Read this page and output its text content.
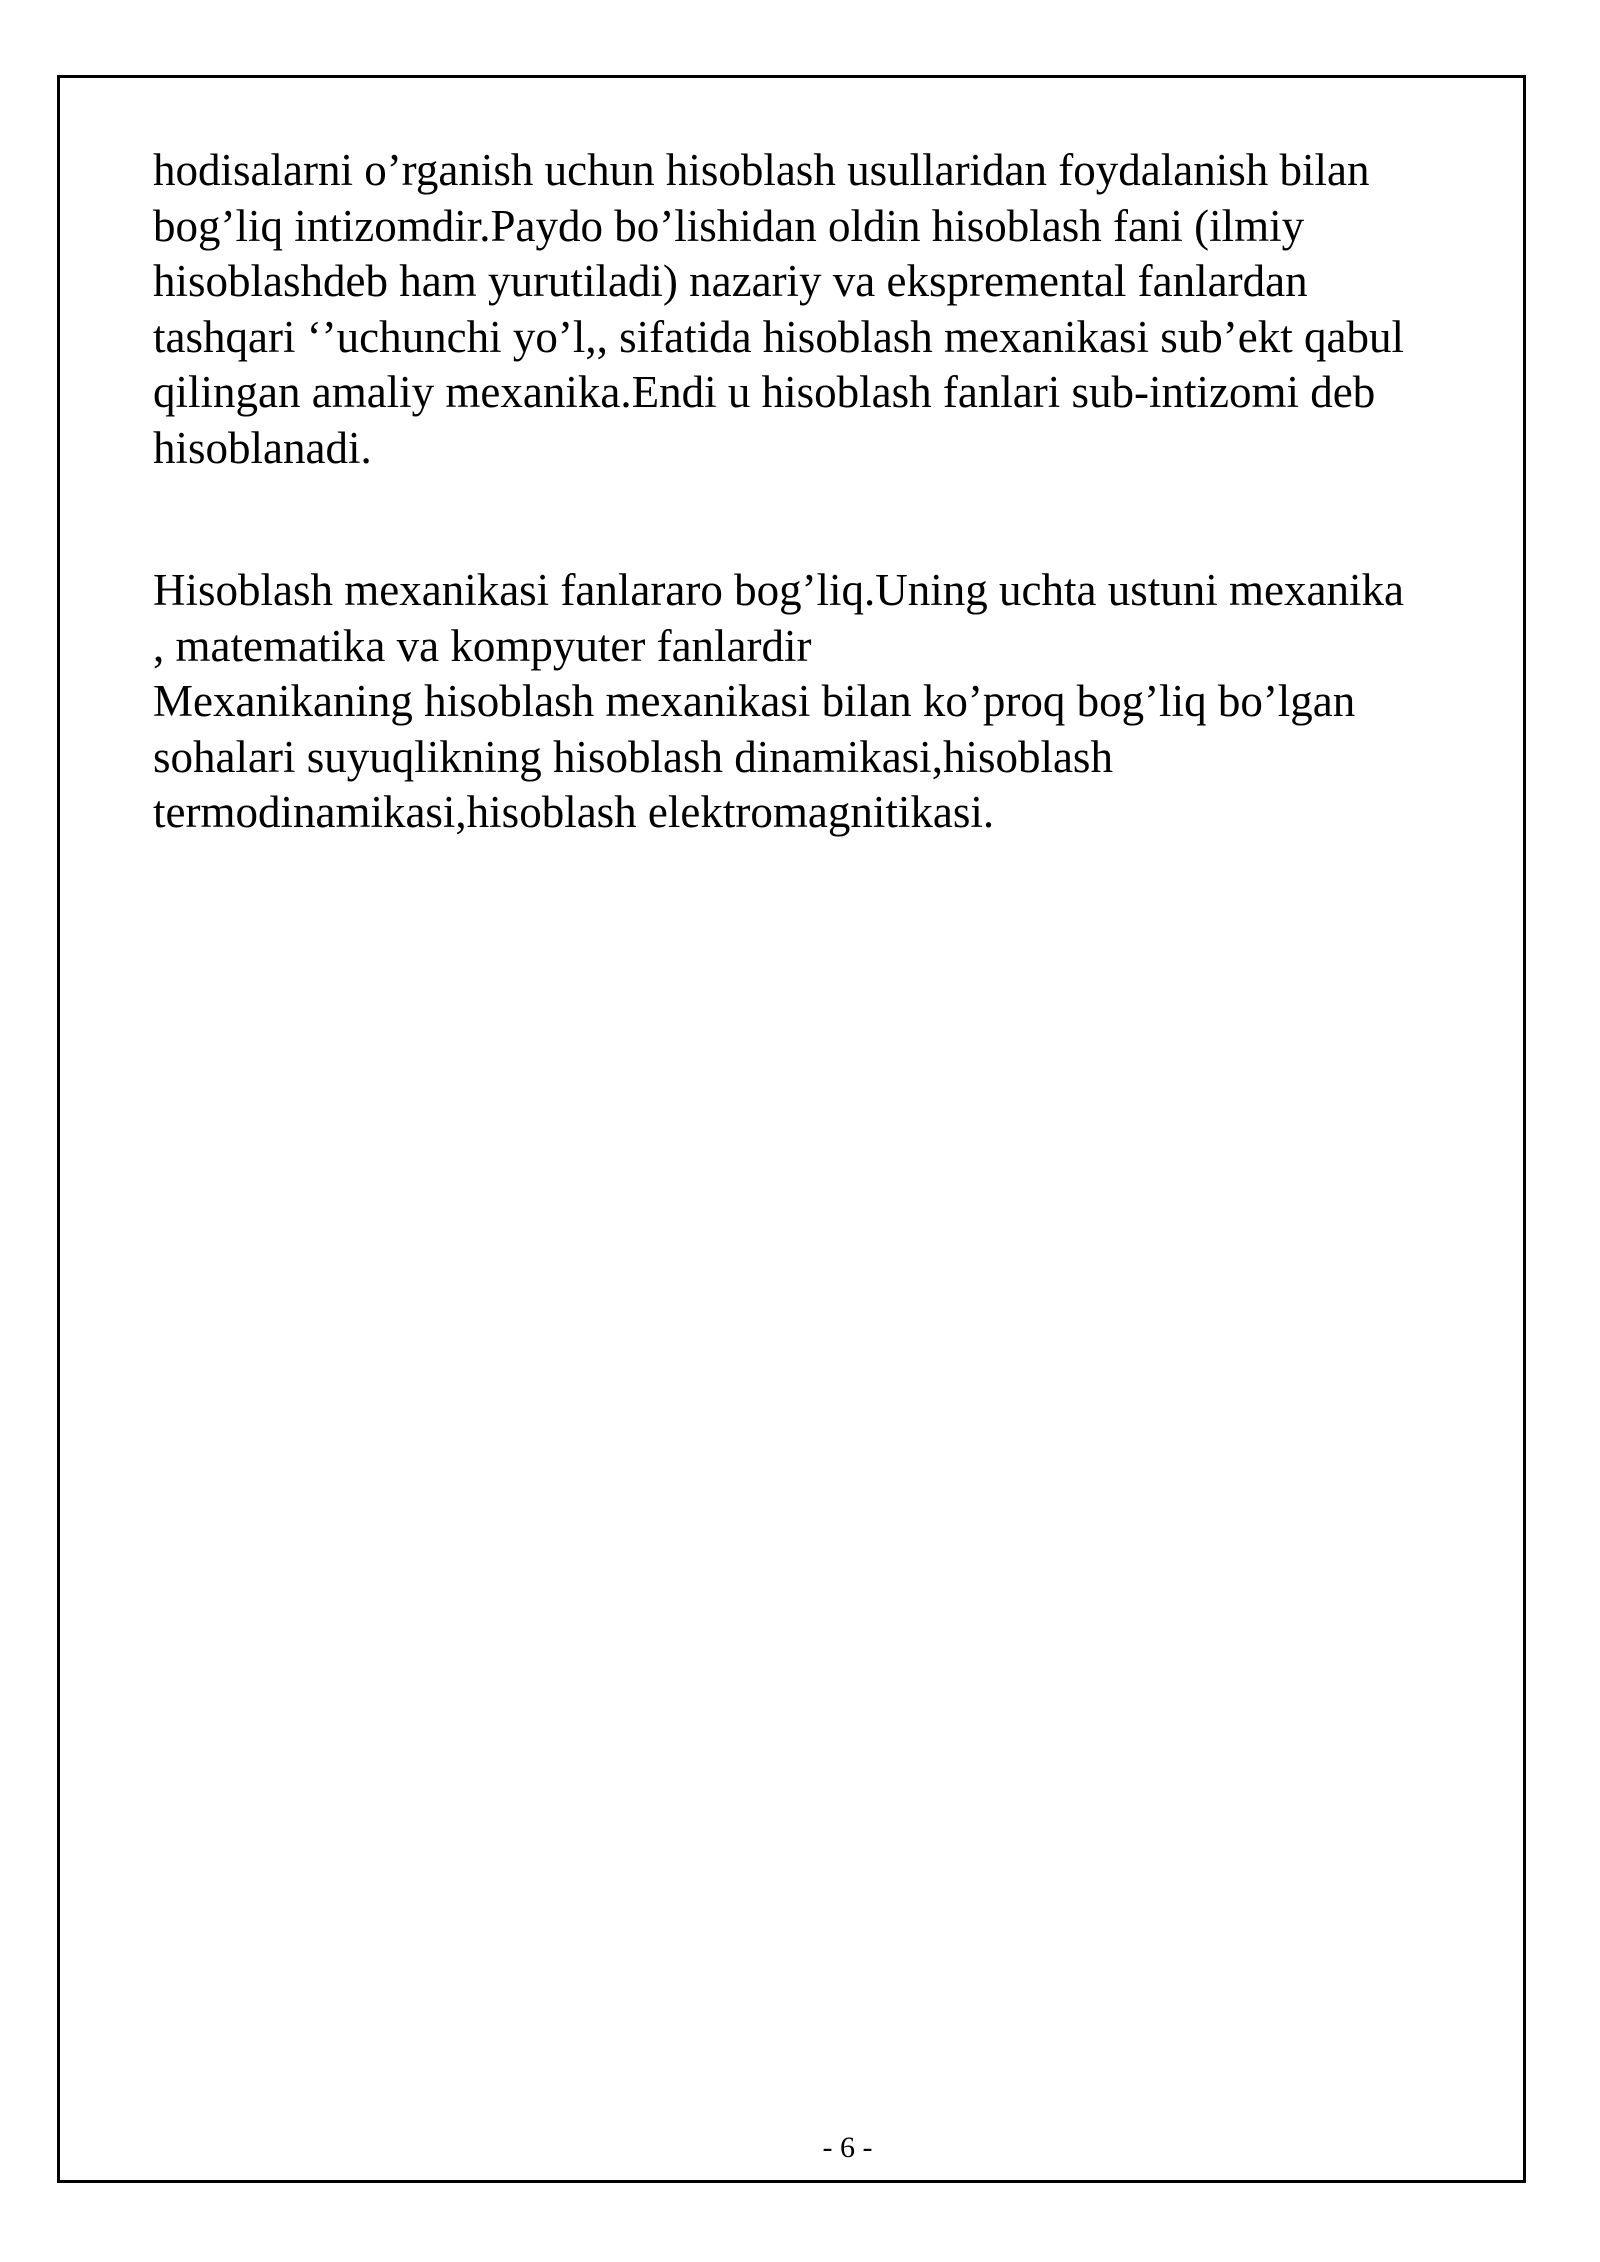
hodisalarni o’rganish uchun hisoblash usullaridan foydalanish bilan
bog’liq intizomdir.Paydo bo’lishidan oldin hisoblash fani (ilmiy
hisoblashdeb ham yurutiladi) nazariy va ekspremental fanlardan
tashqari ‘’uchunchi yo’l,, sifatida hisoblash mexanikasi sub’ekt qabul
qilingan amaliy mexanika.Endi u hisoblash fanlari sub-intizomi deb
hisoblanadi.
Hisoblash mexanikasi fanlararo bog’liq.Uning uchta ustuni mexanika
, matematika va kompyuter fanlardir
Mexanikaning hisoblash mexanikasi bilan ko’proq bog’liq bo’lgan
sohalari suyuqlikning hisoblash dinamikasi,hisoblash
termodinamikasi,hisoblash elektromagnitikasi.
- 6 -
